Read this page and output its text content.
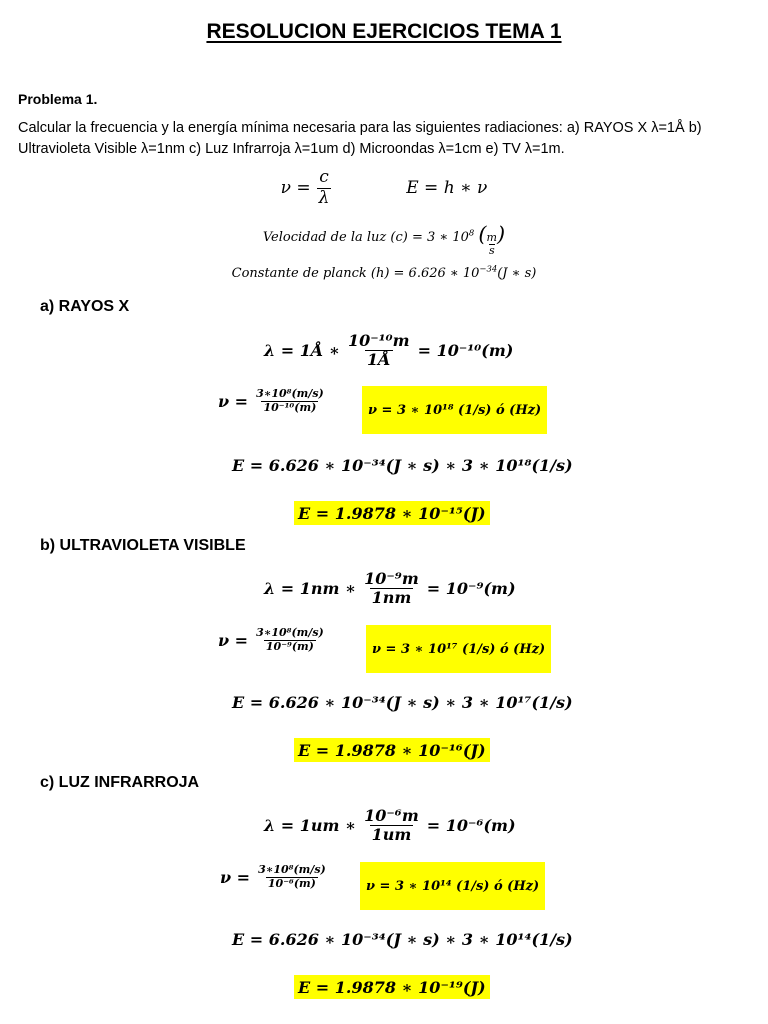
RESOLUCION EJERCICIOS TEMA 1
Problema 1.
Calcular la frecuencia y la energía mínima necesaria para las siguientes radiaciones: a) RAYOS X λ=1Å b) Ultravioleta Visible λ=1nm c) Luz Infrarroja λ=1um d) Microondas λ=1cm e) TV λ=1m.
$\nu = \frac{c}{\lambda}$	E = h ∗ ν
Velocidad de la luz (c) = 3 ∗ $10^8$ ( $\frac{m}{s}$ )
Constante de planck (h) = 6.626 ∗ $10^{-34}(J$ ∗ s)
a) RAYOS X
λ = 1Å ∗ $\frac{\text{10⁻¹⁰m}}{1Å} = 10^{-10}(m)$
$\nu = \frac{\text{3∗10⁸(m/s)}}{\text{10⁻¹⁰(m)}}$	ν = 3 ∗ 10¹⁸ (1/s) ó (Hz)
E = 6.626 ∗ 10⁻³⁴(J ∗ s) ∗ 3 ∗ 10¹⁸(1/s)
E = 1.9878 ∗ 10⁻¹⁵(J)
b) ULTRAVIOLETA VISIBLE
λ = 1nm ∗ $\frac{\text{10⁻⁹m}}{1nm} = 10^{-9}(m)$
$\nu = \frac{\text{3∗10⁸(m/s)}}{\text{10⁻⁹(m)}}$	ν = 3 ∗ 10¹⁷ (1/s) ó (Hz)
E = 6.626 ∗ 10⁻³⁴(J ∗ s) ∗ 3 ∗ 10¹⁷(1/s)
E = 1.9878 ∗ 10⁻¹⁶(J)
c) LUZ INFRARROJA
λ = 1um ∗ $\frac{\text{10⁻⁶m}}{1um} = 10^{-6}(m)$
$\nu = \frac{\text{3∗10⁸(m/s)}}{\text{10⁻⁶(m)}}$	ν = 3 ∗ 10¹⁴ (1/s) ó (Hz)
E = 6.626 ∗ 10⁻³⁴(J ∗ s) ∗ 3 ∗ 10¹⁴(1/s)
E = 1.9878 ∗ 10⁻¹⁹(J)
